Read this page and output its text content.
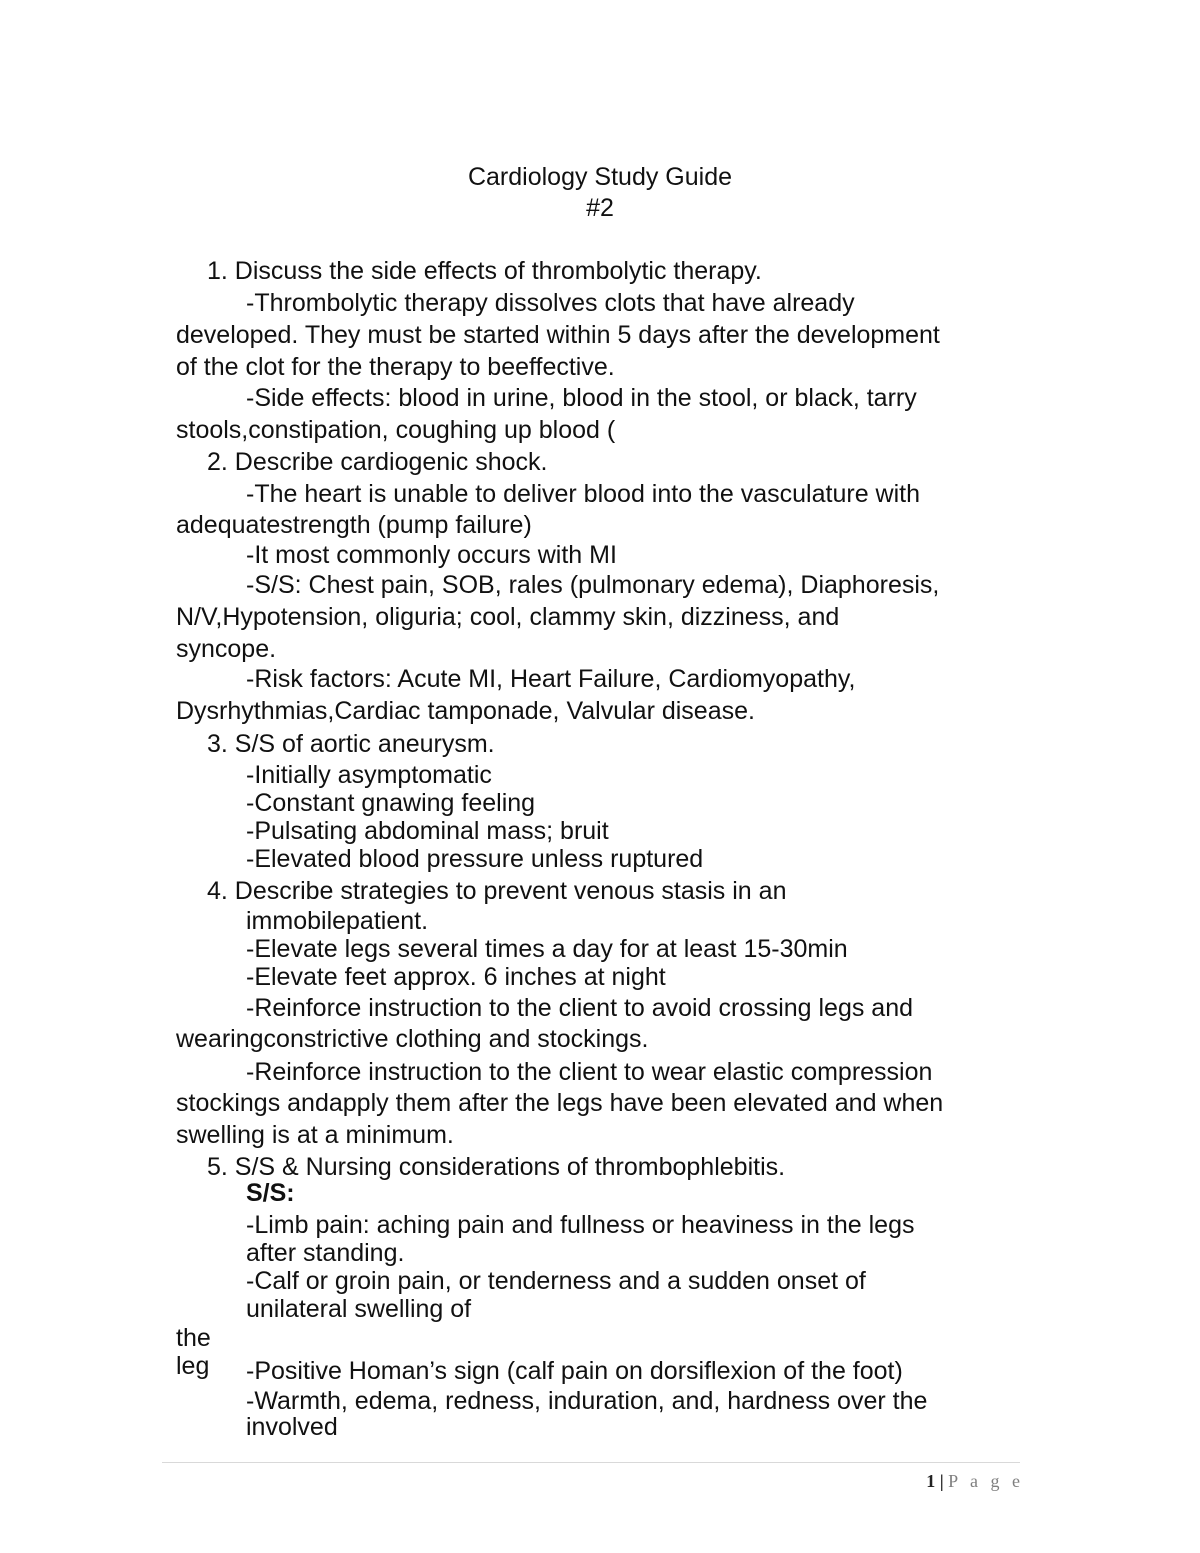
Cardiology Study Guide
#2
1. Discuss the side effects of thrombolytic therapy.
-Thrombolytic therapy dissolves clots that have already
developed. They must be started within 5 days after the development
of the clot for the therapy to beeffective.
-Side effects: blood in urine, blood in the stool, or black, tarry
stools,constipation, coughing up blood (
2. Describe cardiogenic shock.
-The heart is unable to deliver blood into the vasculature with
adequatestrength (pump failure)
-It most commonly occurs with MI
-S/S: Chest pain, SOB, rales (pulmonary edema), Diaphoresis,
N/V,Hypotension, oliguria; cool, clammy skin, dizziness, and
syncope.
-Risk factors: Acute MI, Heart Failure, Cardiomyopathy,
Dysrhythmias,Cardiac tamponade, Valvular disease.
3. S/S of aortic aneurysm.
-Initially asymptomatic
-Constant gnawing feeling
-Pulsating abdominal mass; bruit
-Elevated blood pressure unless ruptured
4. Describe strategies to prevent venous stasis in an
immobilepatient.
-Elevate legs several times a day for at least 15-30min
-Elevate feet approx. 6 inches at night
-Reinforce instruction to the client to avoid crossing legs and
wearingconstrictive clothing and stockings.
-Reinforce instruction to the client to wear elastic compression
stockings andapply them after the legs have been elevated and when
swelling is at a minimum.
5. S/S & Nursing considerations of thrombophlebitis.
S/S:
-Limb pain: aching pain and fullness or heaviness in the legs
after standing.
-Calf or groin pain, or tenderness and a sudden onset of
unilateral swelling of
the
leg -Positive Homan’s sign (calf pain on dorsiflexion of the foot)
-Warmth, edema, redness, induration, and, hardness over the
involved
1 | P a g e
